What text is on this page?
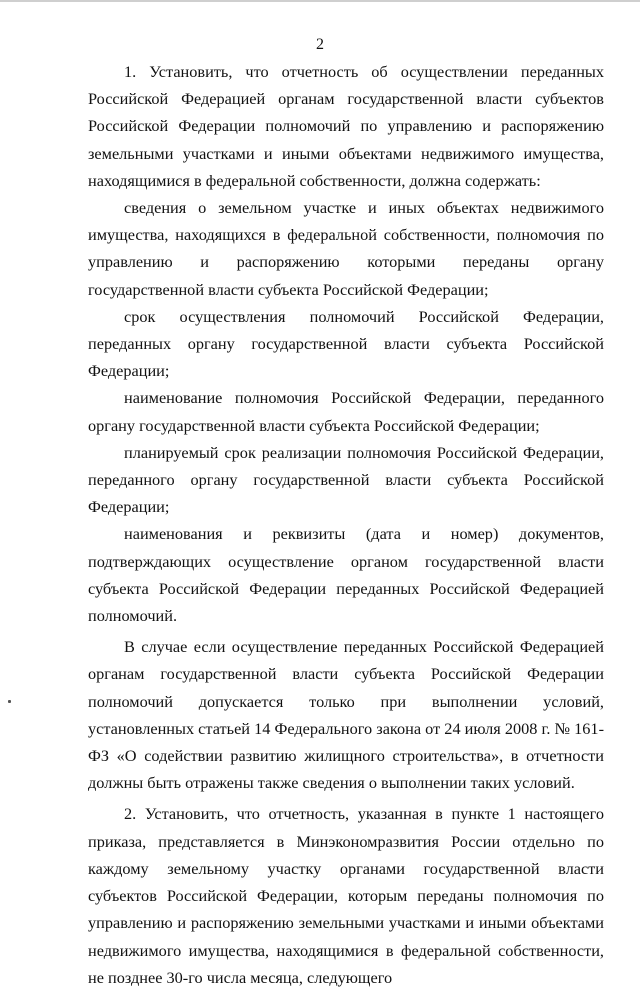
2

1. Установить, что отчетность об осуществлении переданных Российской Федерацией органам государственной власти субъектов Российской Федерации полномочий по управлению и распоряжению земельными участками и иными объектами недвижимого имущества, находящимися в федеральной собственности, должна содержать:

сведения о земельном участке и иных объектах недвижимого имущества, находящихся в федеральной собственности, полномочия по управлению и распоряжению которыми переданы органу государственной власти субъекта Российской Федерации;

срок осуществления полномочий Российской Федерации, переданных органу государственной власти субъекта Российской Федерации;

наименование полномочия Российской Федерации, переданного органу государственной власти субъекта Российской Федерации;

планируемый срок реализации полномочия Российской Федерации, переданного органу государственной власти субъекта Российской Федерации;

наименования и реквизиты (дата и номер) документов, подтверждающих осуществление органом государственной власти субъекта Российской Федерации переданных Российской Федерацией полномочий.

В случае если осуществление переданных Российской Федерацией органам государственной власти субъекта Российской Федерации полномочий допускается только при выполнении условий, установленных статьей 14 Федерального закона от 24 июля 2008 г. № 161-ФЗ «О содействии развитию жилищного строительства», в отчетности должны быть отражены также сведения о выполнении таких условий.

2. Установить, что отчетность, указанная в пункте 1 настоящего приказа, представляется в Минэкономразвития России отдельно по каждому земельному участку органами государственной власти субъектов Российской Федерации, которым переданы полномочия по управлению и распоряжению земельными участками и иными объектами недвижимого имущества, находящимися в федеральной собственности, не позднее 30-го числа месяца, следующего
